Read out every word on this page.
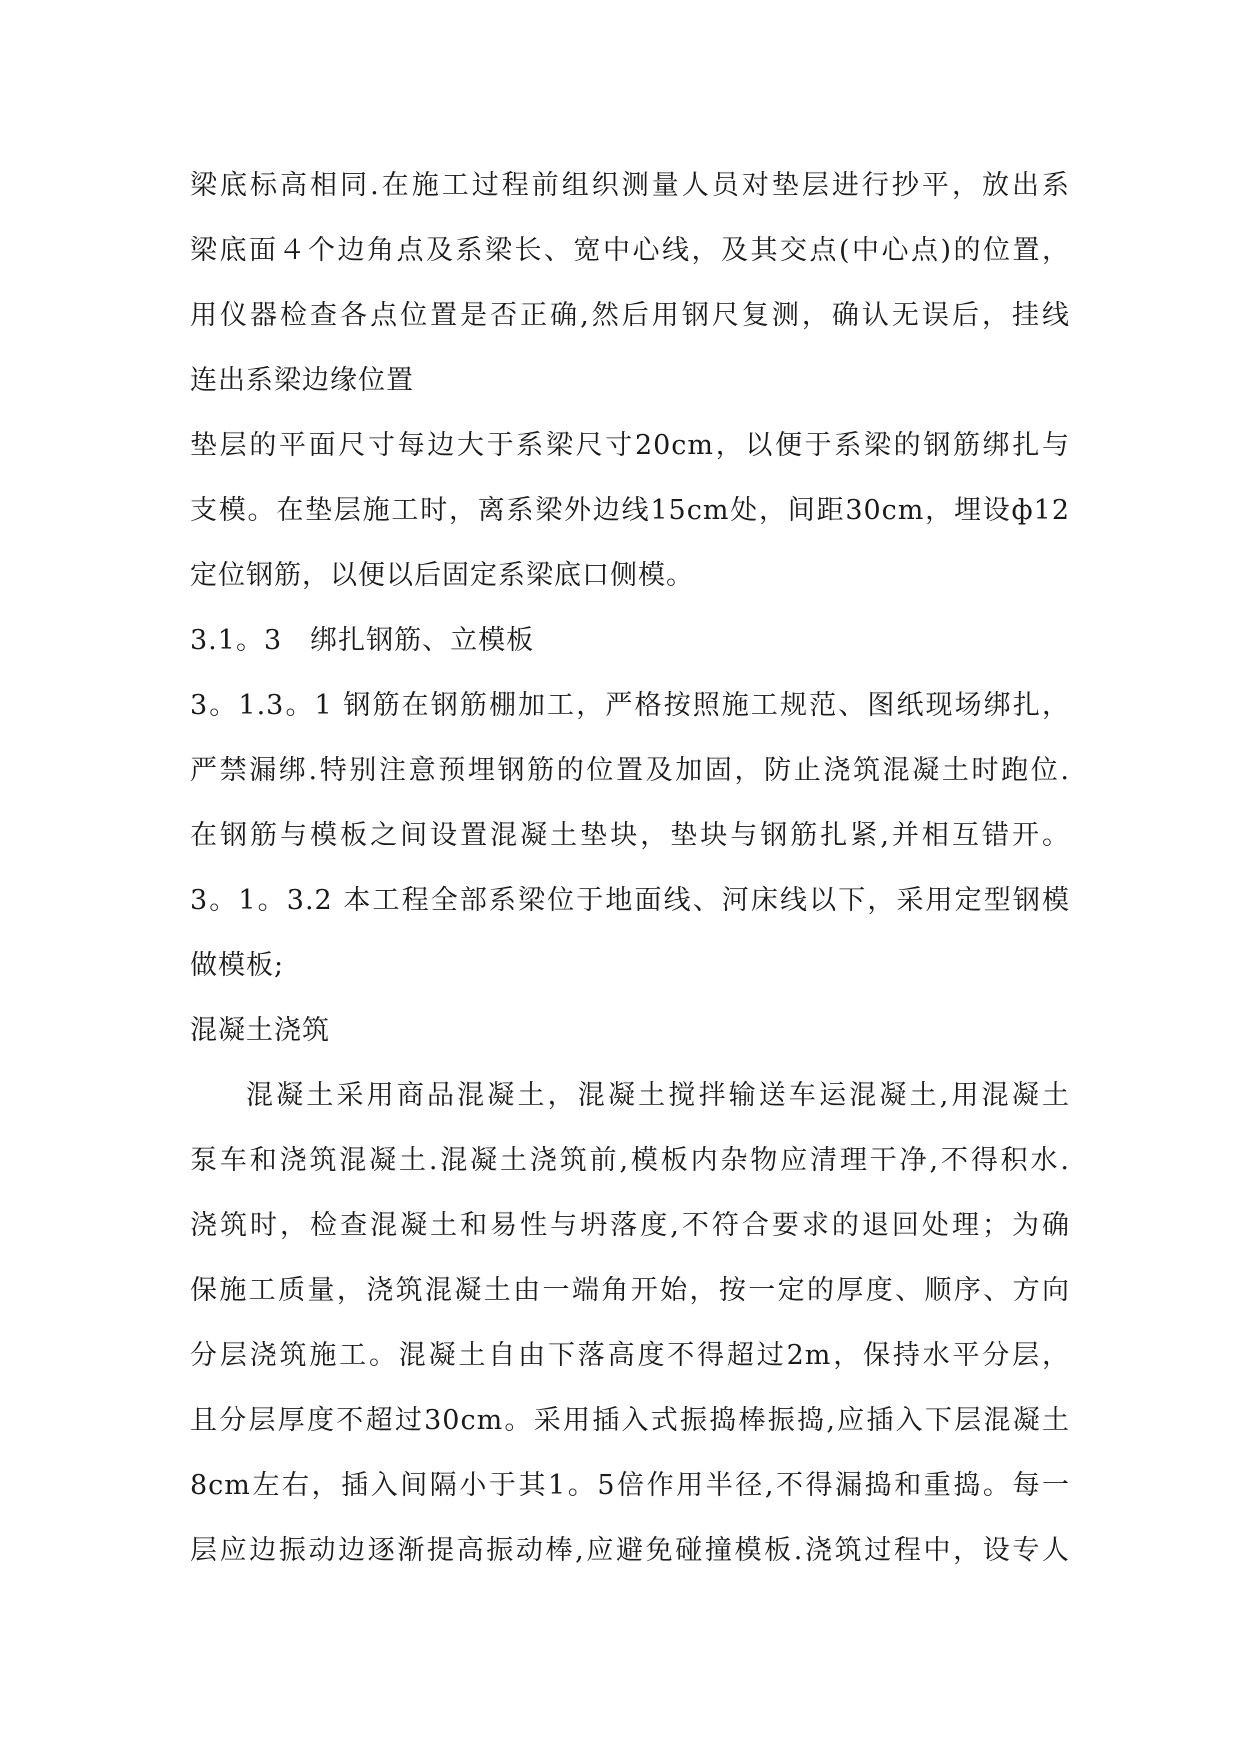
梁底标高相同.在施工过程前组织测量人员对垫层进行抄平，放出系
梁底面４个边角点及系梁长、宽中心线，及其交点(中心点)的位置，
用仪器检查各点位置是否正确,然后用钢尺复测，确认无误后，挂线
连出系梁边缘位置
垫层的平面尺寸每边大于系梁尺寸20cm，以便于系梁的钢筋绑扎与
支模。在垫层施工时，离系梁外边线15cm处，间距30cm，埋设ф12
定位钢筋，以便以后固定系梁底口侧模。
3.1。3　绑扎钢筋、立模板
3。1.3。1 钢筋在钢筋棚加工，严格按照施工规范、图纸现场绑扎，
严禁漏绑.特别注意预埋钢筋的位置及加固，防止浇筑混凝土时跑位.
在钢筋与模板之间设置混凝土垫块，垫块与钢筋扎紧,并相互错开。
3。1。3.2 本工程全部系梁位于地面线、河床线以下，采用定型钢模
做模板;
混凝土浇筑
混凝土采用商品混凝土，混凝土搅拌输送车运混凝土,用混凝土
泵车和浇筑混凝土.混凝土浇筑前,模板内杂物应清理干净,不得积水.
浇筑时，检查混凝土和易性与坍落度,不符合要求的退回处理；为确
保施工质量，浇筑混凝土由一端角开始，按一定的厚度、顺序、方向
分层浇筑施工。混凝土自由下落高度不得超过2m，保持水平分层，
且分层厚度不超过30cm。采用插入式振捣棒振捣,应插入下层混凝土
8cm左右，插入间隔小于其1。5倍作用半径,不得漏捣和重捣。每一
层应边振动边逐渐提高振动棒,应避免碰撞模板.浇筑过程中，设专人
